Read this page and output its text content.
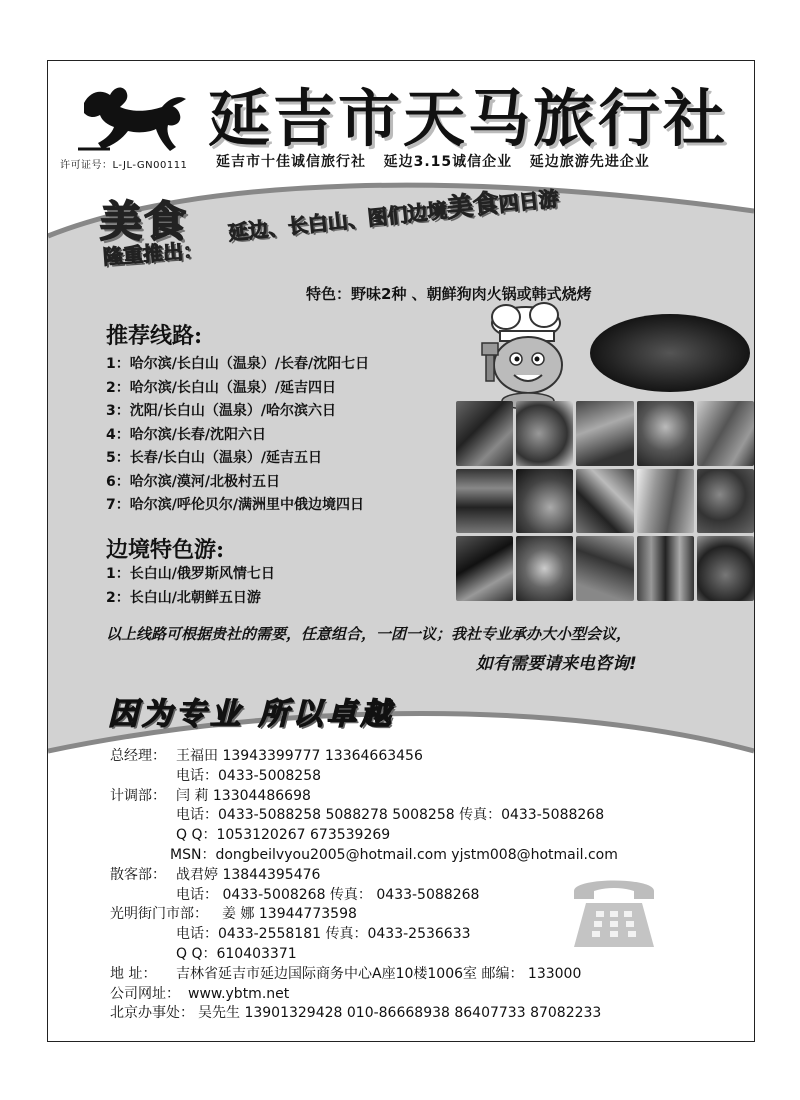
许可证号：L-JL-GN00111
延吉市天马旅行社
延吉市十佳诚信旅行社 延边3.15诚信企业 延边旅游先进企业
美食 延边、长白山、图们边境美食四日游
隆重推出：
特色：野味2种 、朝鲜狗肉火锅或韩式烧烤
推荐线路:
1：哈尔滨/长白山（温泉）/长春/沈阳七日
2：哈尔滨/长白山（温泉）/延吉四日
3：沈阳/长白山（温泉）/哈尔滨六日
4：哈尔滨/长春/沈阳六日
5：长春/长白山（温泉）/延吉五日
6：哈尔滨/漠河/北极村五日
7：哈尔滨/呼伦贝尔/满洲里中俄边境四日
边境特色游:
1：长白山/俄罗斯风情七日
2：长白山/北朝鲜五日游
以上线路可根据贵社的需要，任意组合，一团一议；我社专业承办大小型会议，
如有需要请来电咨询!
因为专业 所以卓越
总经理： 王福田 13943399777 13364663456
电话：0433-5008258
计调部： 闫 莉 13304486698
电话：0433-5088258 5088278 5008258 传真：0433-5088268
Q Q：1053120267 673539269
MSN：dongbeilvyou2005@hotmail.com yjstm008@hotmail.com
散客部： 战君婷 13844395476
电话： 0433-5008268 传真： 0433-5088268
光明街门市部： 姜 娜 13944773598
电话：0433-2558181 传真：0433-2536633
Q Q：610403371
地 址： 吉林省延吉市延边国际商务中心A座10楼1006室 邮编： 133000
公司网址： www.ybtm.net
北京办事处： 吴先生 13901329428 010-86668938 86407733 87082233
